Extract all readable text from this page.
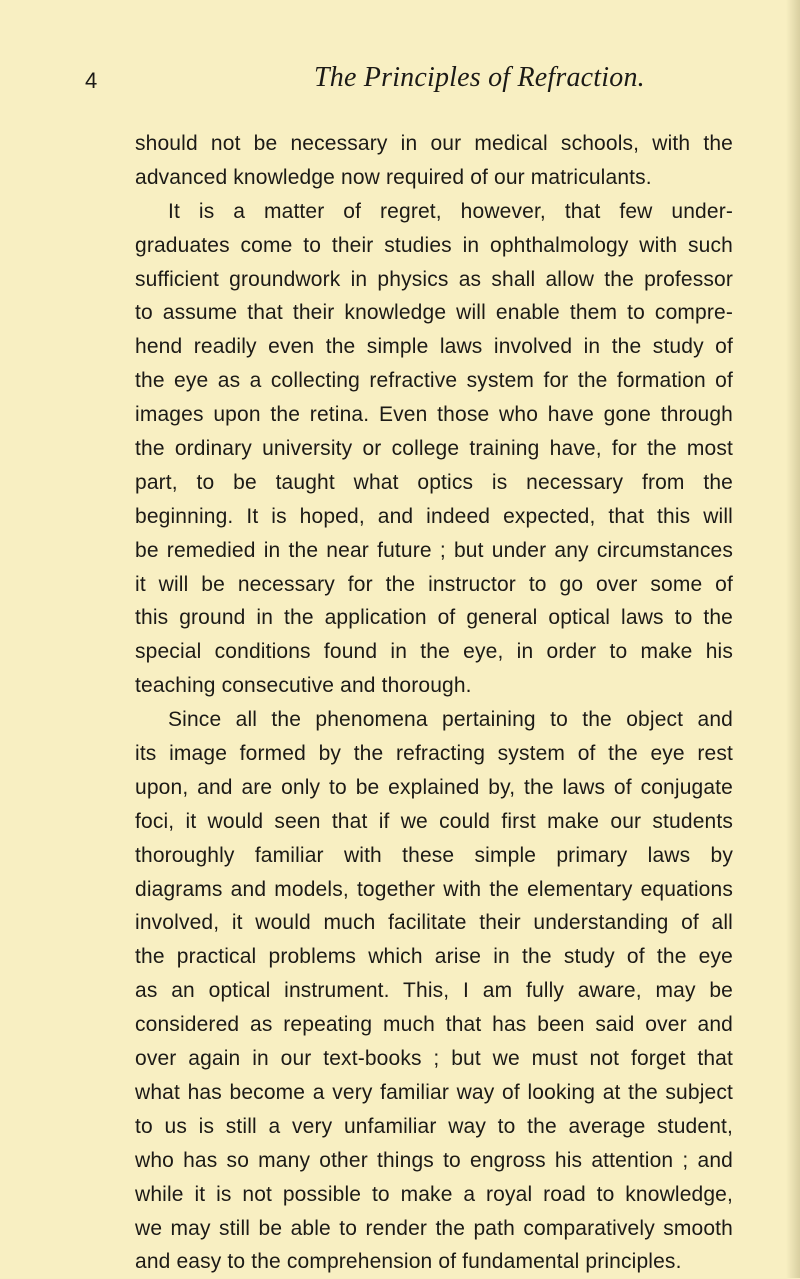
4	The Principles of Refraction.
should not be necessary in our medical schools, with the
advanced knowledge now required of our matriculants.
It is a matter of regret, however, that few under-
graduates come to their studies in ophthalmology with such
sufficient groundwork in physics as shall allow the professor
to assume that their knowledge will enable them to compre-
hend readily even the simple laws involved in the study of
the eye as a collecting refractive system for the formation of
images upon the retina. Even those who have gone through
the ordinary university or college training have, for the most
part, to be taught what optics is necessary from the
beginning. It is hoped, and indeed expected, that this will
be remedied in the near future ; but under any circumstances
it will be necessary for the instructor to go over some of
this ground in the application of general optical laws to the
special conditions found in the eye, in order to make his
teaching consecutive and thorough.
Since all the phenomena pertaining to the object and
its image formed by the refracting system of the eye rest
upon, and are only to be explained by, the laws of conjugate
foci, it would seen that if we could first make our students
thoroughly familiar with these simple primary laws by
diagrams and models, together with the elementary equations
involved, it would much facilitate their understanding of all
the practical problems which arise in the study of the eye
as an optical instrument. This, I am fully aware, may be
considered as repeating much that has been said over and
over again in our text-books ; but we must not forget that
what has become a very familiar way of looking at the subject
to us is still a very unfamiliar way to the average student,
who has so many other things to engross his attention ; and
while it is not possible to make a royal road to knowledge,
we may still be able to render the path comparatively smooth
and easy to the comprehension of fundamental principles.
